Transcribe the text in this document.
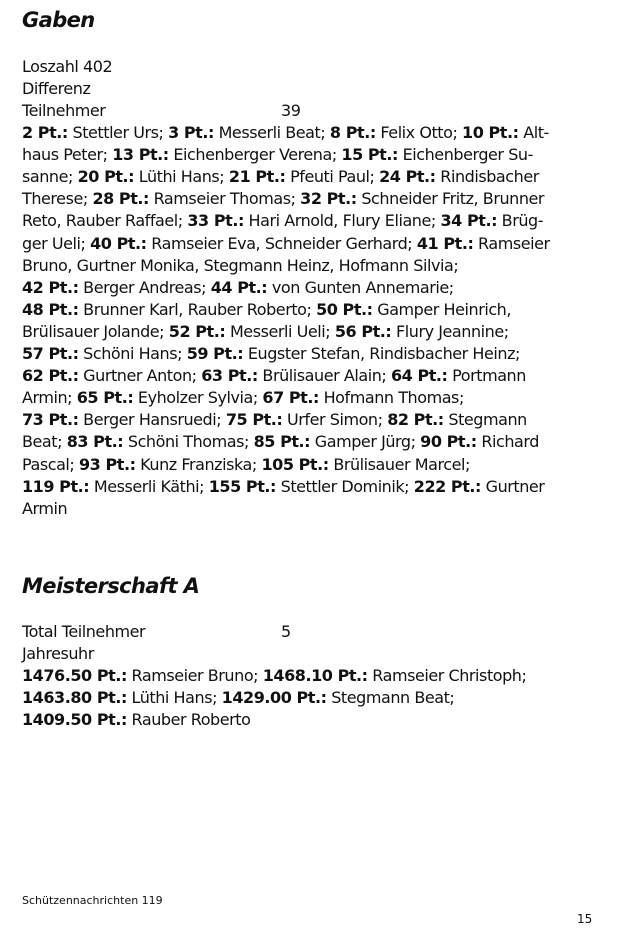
Gaben

Loszahl 402

Differenz

Teilnehmer	39

2 Pt.: Stettler Urs; 3 Pt.: Messerli Beat; 8 Pt.: Felix Otto; 10 Pt.: Alt-

haus Peter; 13 Pt.: Eichenberger Verena; 15 Pt.: Eichenberger Su-

sanne; 20 Pt.: Lüthi Hans; 21 Pt.: Pfeuti Paul; 24 Pt.: Rindisbacher

Therese; 28 Pt.: Ramseier Thomas; 32 Pt.: Schneider Fritz, Brunner

Reto, Rauber Raffael; 33 Pt.: Hari Arnold, Flury Eliane; 34 Pt.: Brüg-

ger Ueli; 40 Pt.: Ramseier Eva, Schneider Gerhard; 41 Pt.: Ramseier

Bruno, Gurtner Monika, Stegmann Heinz, Hofmann Silvia;

42 Pt.: Berger Andreas; 44 Pt.: von Gunten Annemarie;

48 Pt.: Brunner Karl, Rauber Roberto; 50 Pt.: Gamper Heinrich,

Brülisauer Jolande; 52 Pt.: Messerli Ueli; 56 Pt.: Flury Jeannine;

57 Pt.: Schöni Hans; 59 Pt.: Eugster Stefan, Rindisbacher Heinz;

62 Pt.: Gurtner Anton; 63 Pt.: Brülisauer Alain; 64 Pt.: Portmann

Armin; 65 Pt.: Eyholzer Sylvia; 67 Pt.: Hofmann Thomas;

73 Pt.: Berger Hansruedi; 75 Pt.: Urfer Simon; 82 Pt.: Stegmann

Beat; 83 Pt.: Schöni Thomas; 85 Pt.: Gamper Jürg; 90 Pt.: Richard

Pascal; 93 Pt.: Kunz Franziska; 105 Pt.: Brülisauer Marcel;

119 Pt.: Messerli Käthi; 155 Pt.: Stettler Dominik; 222 Pt.: Gurtner

Armin

Meisterschaft A

Total Teilnehmer	5

Jahresuhr

1476.50 Pt.: Ramseier Bruno; 1468.10 Pt.: Ramseier Christoph;

1463.80 Pt.: Lüthi Hans; 1429.00 Pt.: Stegmann Beat;

1409.50 Pt.: Rauber Roberto

Schützennachrichten 119
15
